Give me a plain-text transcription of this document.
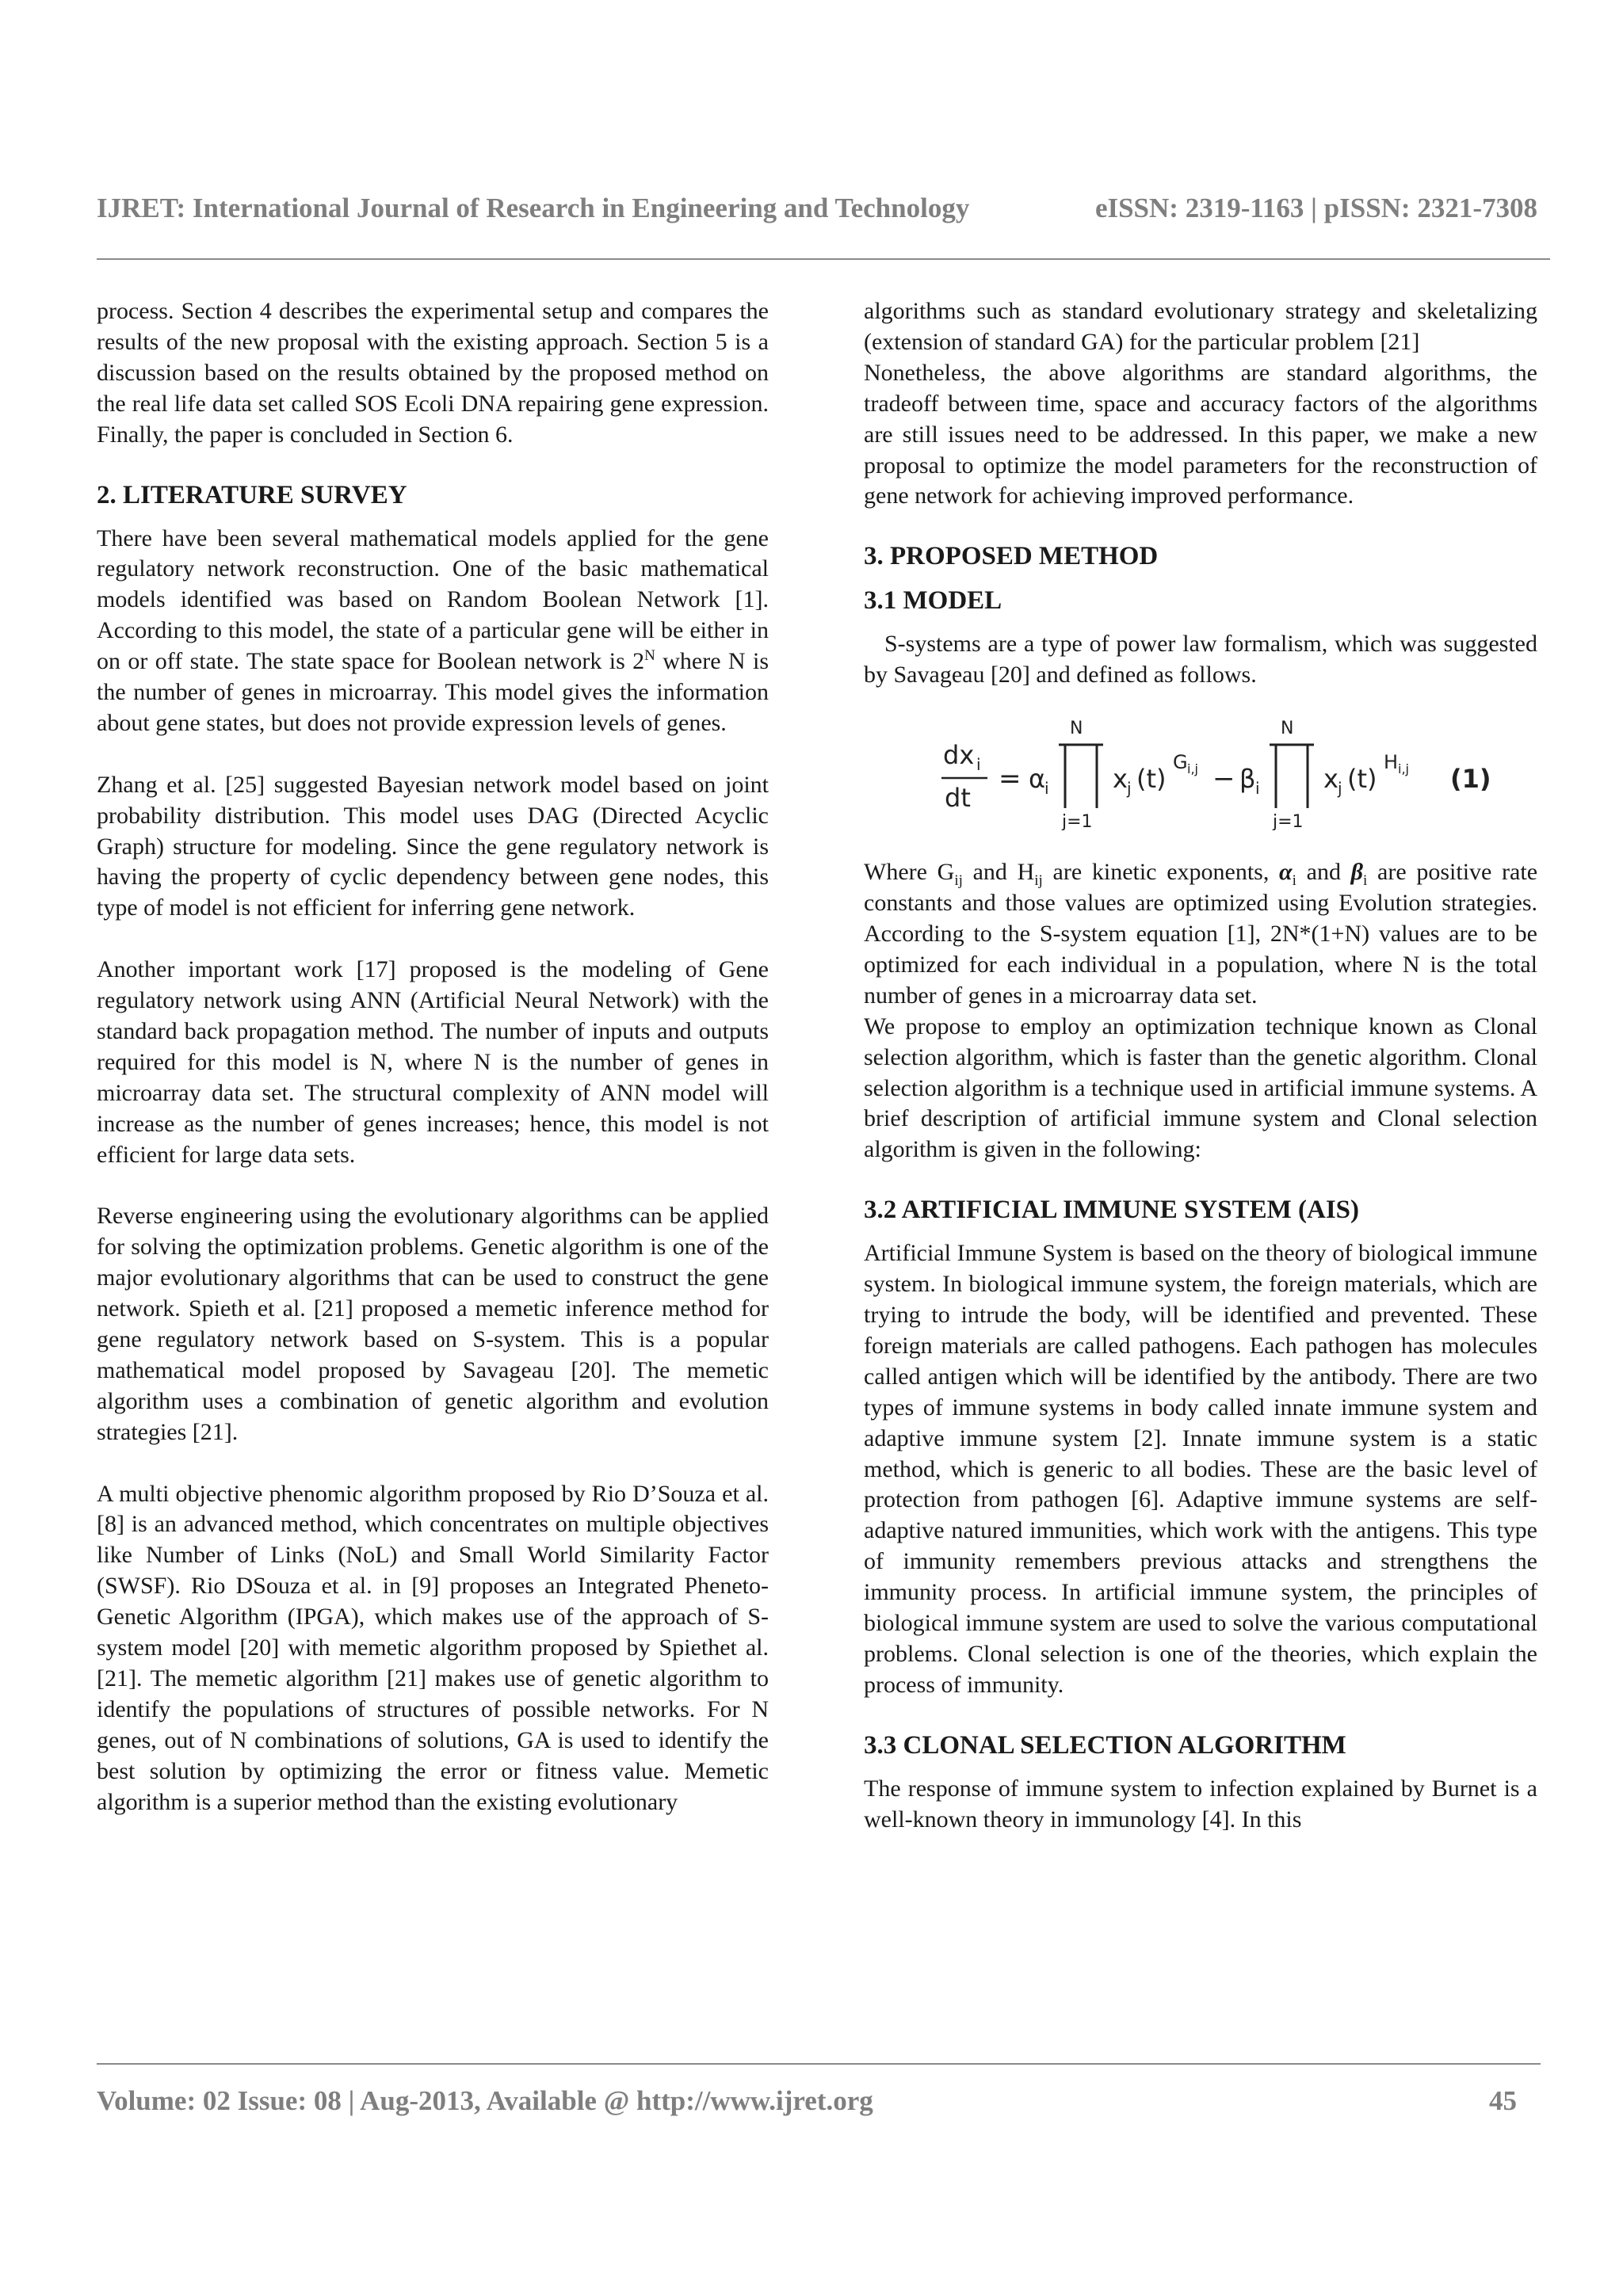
IJRET: International Journal of Research in Engineering and Technology	eISSN: 2319-1163 | pISSN: 2321-7308

process. Section 4 describes the experimental setup and compares the results of the new proposal with the existing approach. Section 5 is a discussion based on the results obtained by the proposed method on the real life data set called SOS Ecoli DNA repairing gene expression. Finally, the paper is concluded in Section 6.

2. LITERATURE SURVEY

There have been several mathematical models applied for the gene regulatory network reconstruction. One of the basic mathematical models identified was based on Random Boolean Network [1]. According to this model, the state of a particular gene will be either in on or off state. The state space for Boolean network is $2^N$ where N is the number of genes in microarray. This model gives the information about gene states, but does not provide expression levels of genes.

Zhang et al. [25] suggested Bayesian network model based on joint probability distribution. This model uses DAG (Directed Acyclic Graph) structure for modeling. Since the gene regulatory network is having the property of cyclic dependency between gene nodes, this type of model is not efficient for inferring gene network.

Another important work [17] proposed is the modeling of Gene regulatory network using ANN (Artificial Neural Network) with the standard back propagation method. The number of inputs and outputs required for this model is N, where N is the number of genes in microarray data set. The structural complexity of ANN model will increase as the number of genes increases; hence, this model is not efficient for large data sets.

Reverse engineering using the evolutionary algorithms can be applied for solving the optimization problems. Genetic algorithm is one of the major evolutionary algorithms that can be used to construct the gene network. Spieth et al. [21] proposed a memetic inference method for gene regulatory network based on S-system. This is a popular mathematical model proposed by Savageau [20]. The memetic algorithm uses a combination of genetic algorithm and evolution strategies [21].

A multi objective phenomic algorithm proposed by Rio D’Souza et al. [8] is an advanced method, which concentrates on multiple objectives like Number of Links (NoL) and Small World Similarity Factor (SWSF). Rio DSouza et al. in [9] proposes an Integrated Pheneto-Genetic Algorithm (IPGA), which makes use of the approach of S-system model [20] with memetic algorithm proposed by Spiethet al. [21]. The memetic algorithm [21] makes use of genetic algorithm to identify the populations of structures of possible networks. For N genes, out of N combinations of solutions, GA is used to identify the best solution by optimizing the error or fitness value. Memetic algorithm is a superior method than the existing evolutionary

algorithms such as standard evolutionary strategy and skeletalizing (extension of standard GA) for the particular problem [21]

Nonetheless, the above algorithms are standard algorithms, the tradeoff between time, space and accuracy factors of the algorithms are still issues need to be addressed. In this paper, we make a new proposal to optimize the model parameters for the reconstruction of gene network for achieving improved performance.

3. PROPOSED METHOD
3.1 MODEL

S-systems are a type of power law formalism, which was suggested by Savageau [20] and defined as follows.

dx i
dt
= α
i
N
j=1
x j (t)
G i,j − β i
N
j=1
x j (t)
H i,j (1)

Where $G_{ij}$ and $H_{ij}$ are kinetic exponents, $\alpha_i$ and $\beta_i$ are positive rate constants and those values are optimized using Evolution strategies. According to the S-system equation [1], 2N*(1+N) values are to be optimized for each individual in a population, where N is the total number of genes in a microarray data set.

We propose to employ an optimization technique known as Clonal selection algorithm, which is faster than the genetic algorithm. Clonal selection algorithm is a technique used in artificial immune systems. A brief description of artificial immune system and Clonal selection algorithm is given in the following:

3.2 ARTIFICIAL IMMUNE SYSTEM (AIS)

Artificial Immune System is based on the theory of biological immune system. In biological immune system, the foreign materials, which are trying to intrude the body, will be identified and prevented. These foreign materials are called pathogens. Each pathogen has molecules called antigen which will be identified by the antibody. There are two types of immune systems in body called innate immune system and adaptive immune system [2]. Innate immune system is a static method, which is generic to all bodies. These are the basic level of protection from pathogen [6]. Adaptive immune systems are self-adaptive natured immunities, which work with the antigens. This type of immunity remembers previous attacks and strengthens the immunity process. In artificial immune system, the principles of biological immune system are used to solve the various computational problems. Clonal selection is one of the theories, which explain the process of immunity.

3.3 CLONAL SELECTION ALGORITHM

The response of immune system to infection explained by Burnet is a well-known theory in immunology [4]. In this

Volume: 02 Issue: 08 | Aug-2013, Available @ http://www.ijret.org	45
